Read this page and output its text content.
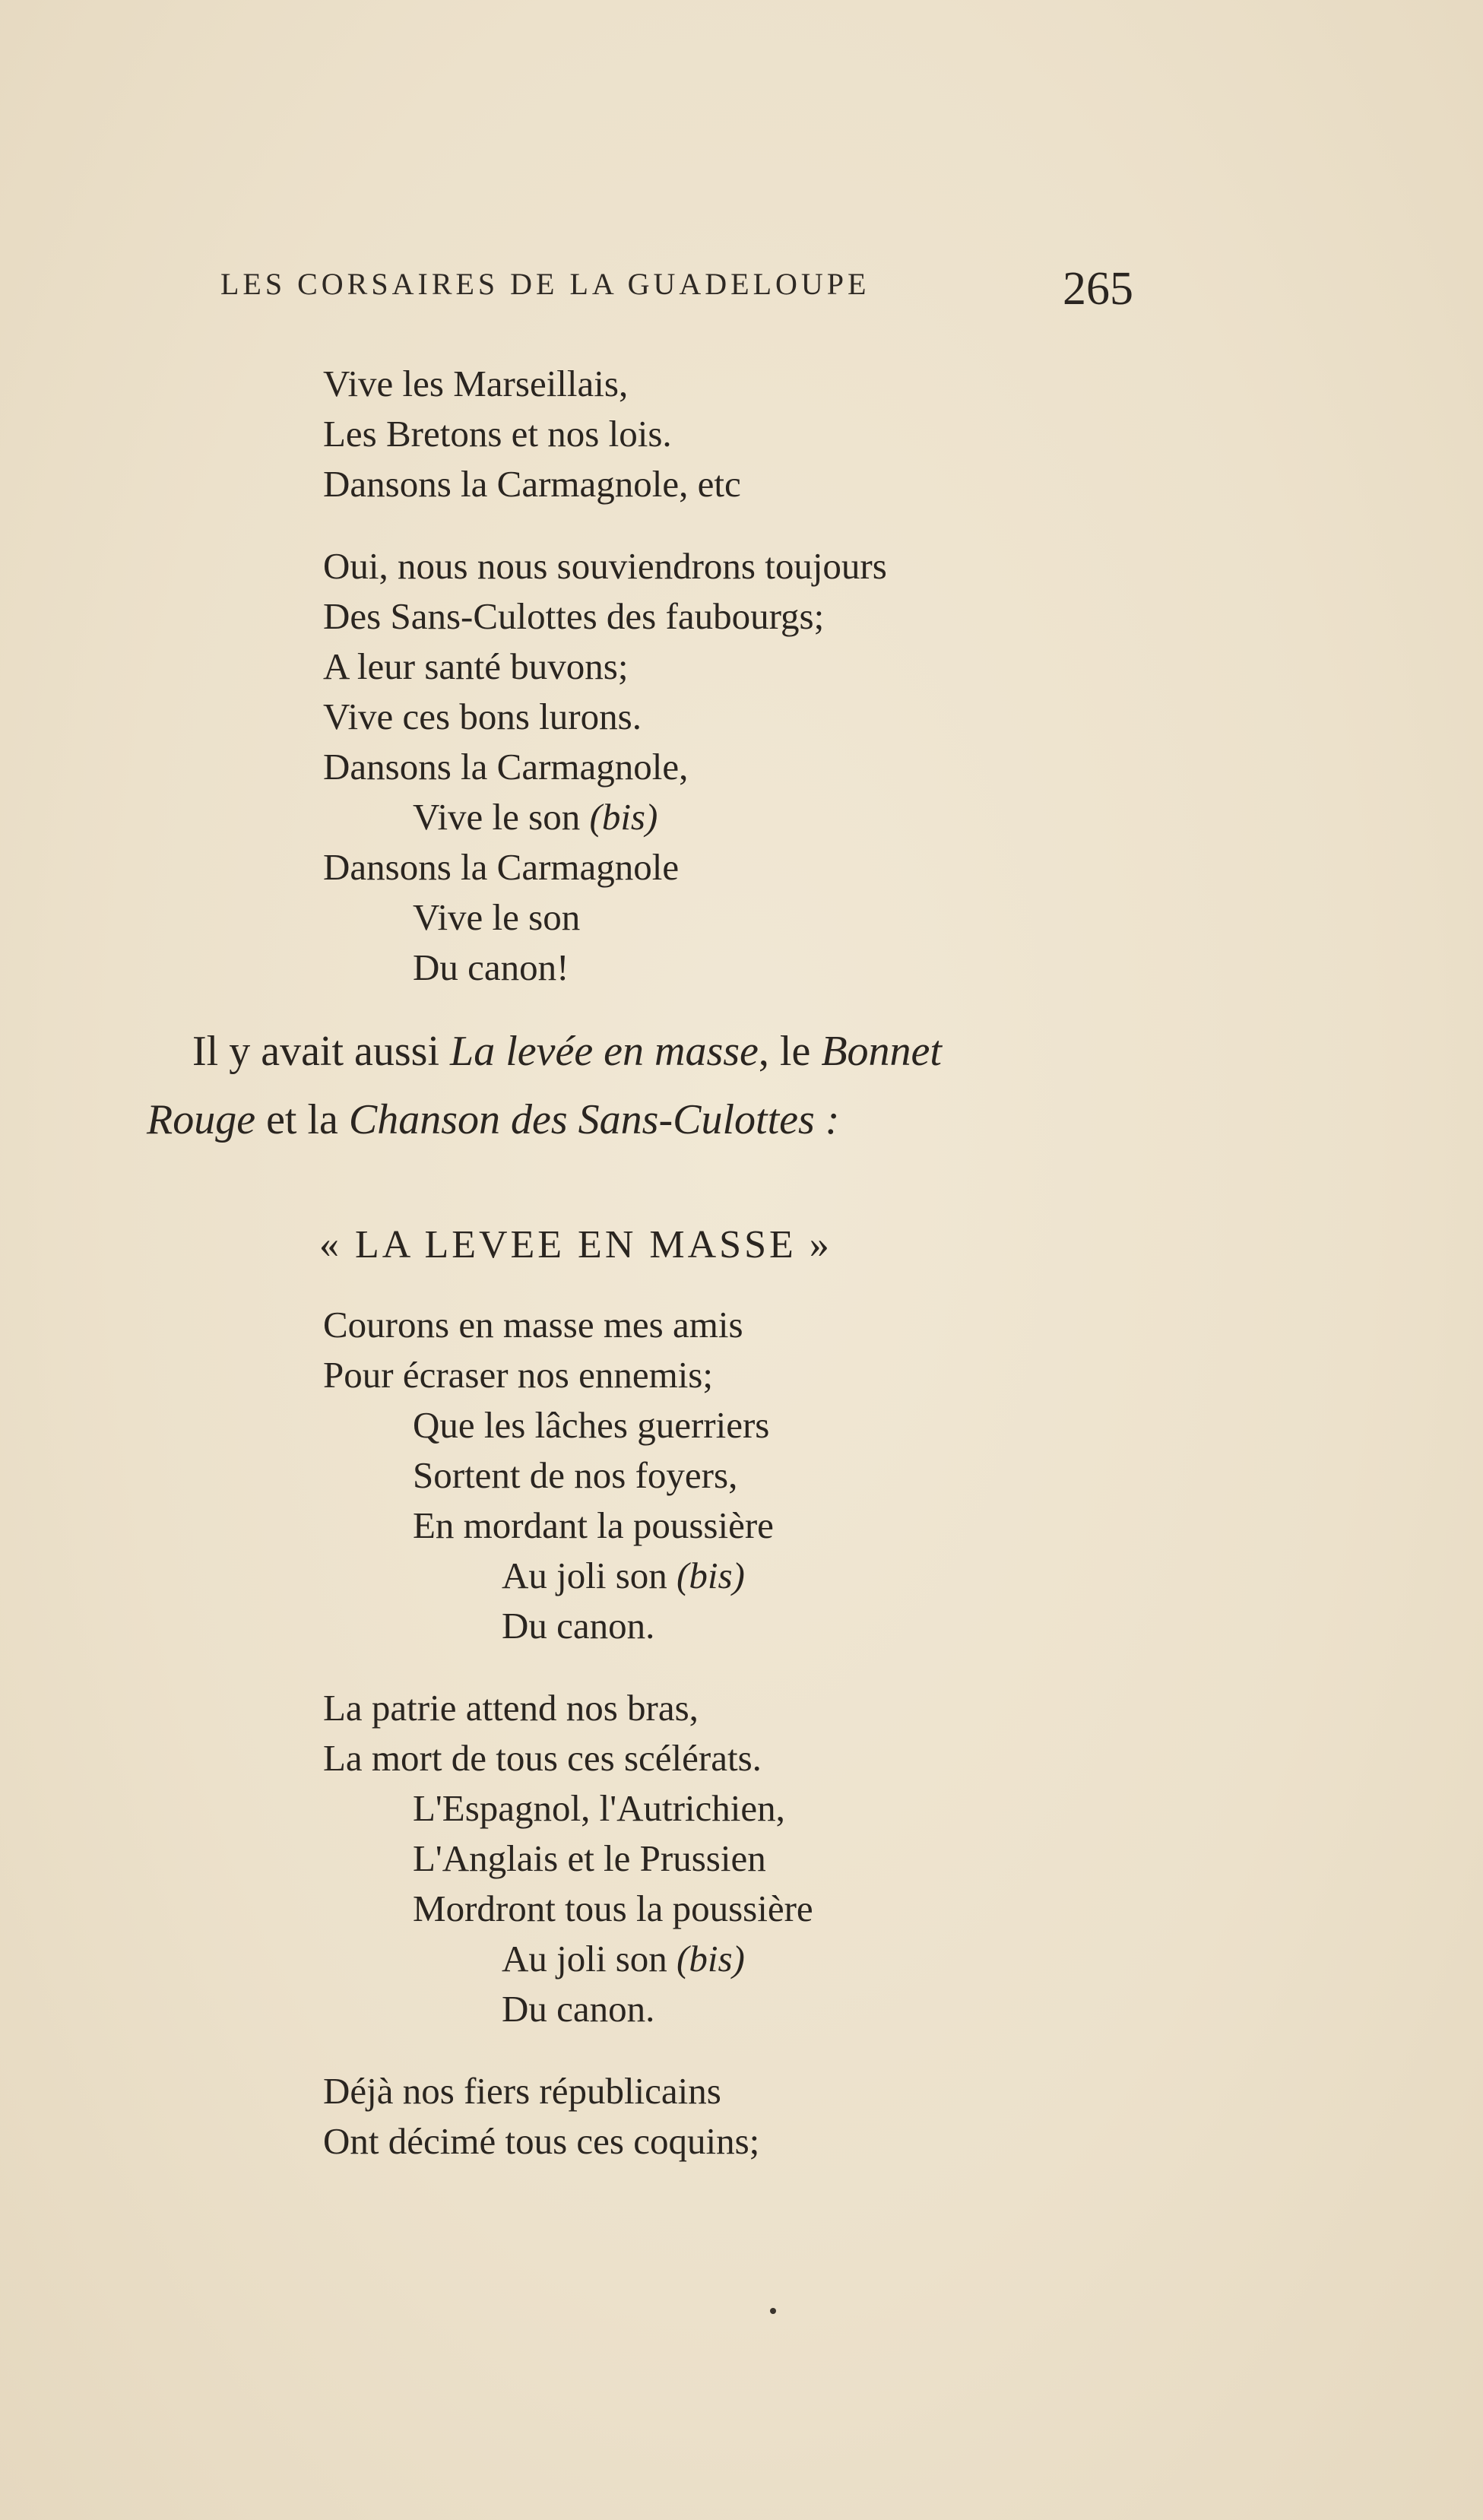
LES CORSAIRES DE LA GUADELOUPE	265
Vive les Marseillais,
Les Bretons et nos lois.
Dansons la Carmagnole, etc
Oui, nous nous souviendrons toujours
Des Sans-Culottes des faubourgs;
A leur santé buvons;
Vive ces bons lurons.
Dansons la Carmagnole,
Vive le son (bis)
Dansons la Carmagnole
Vive le son
Du canon!
Il y avait aussi La levée en masse, le Bonnet
Rouge et la Chanson des Sans-Culottes :
« LA LEVEE EN MASSE »
Courons en masse mes amis
Pour écraser nos ennemis;
Que les lâches guerriers
Sortent de nos foyers,
En mordant la poussière
Au joli son (bis)
Du canon.
La patrie attend nos bras,
La mort de tous ces scélérats.
L'Espagnol, l'Autrichien,
L'Anglais et le Prussien
Mordront tous la poussière
Au joli son (bis)
Du canon.
Déjà nos fiers républicains
Ont décimé tous ces coquins;
